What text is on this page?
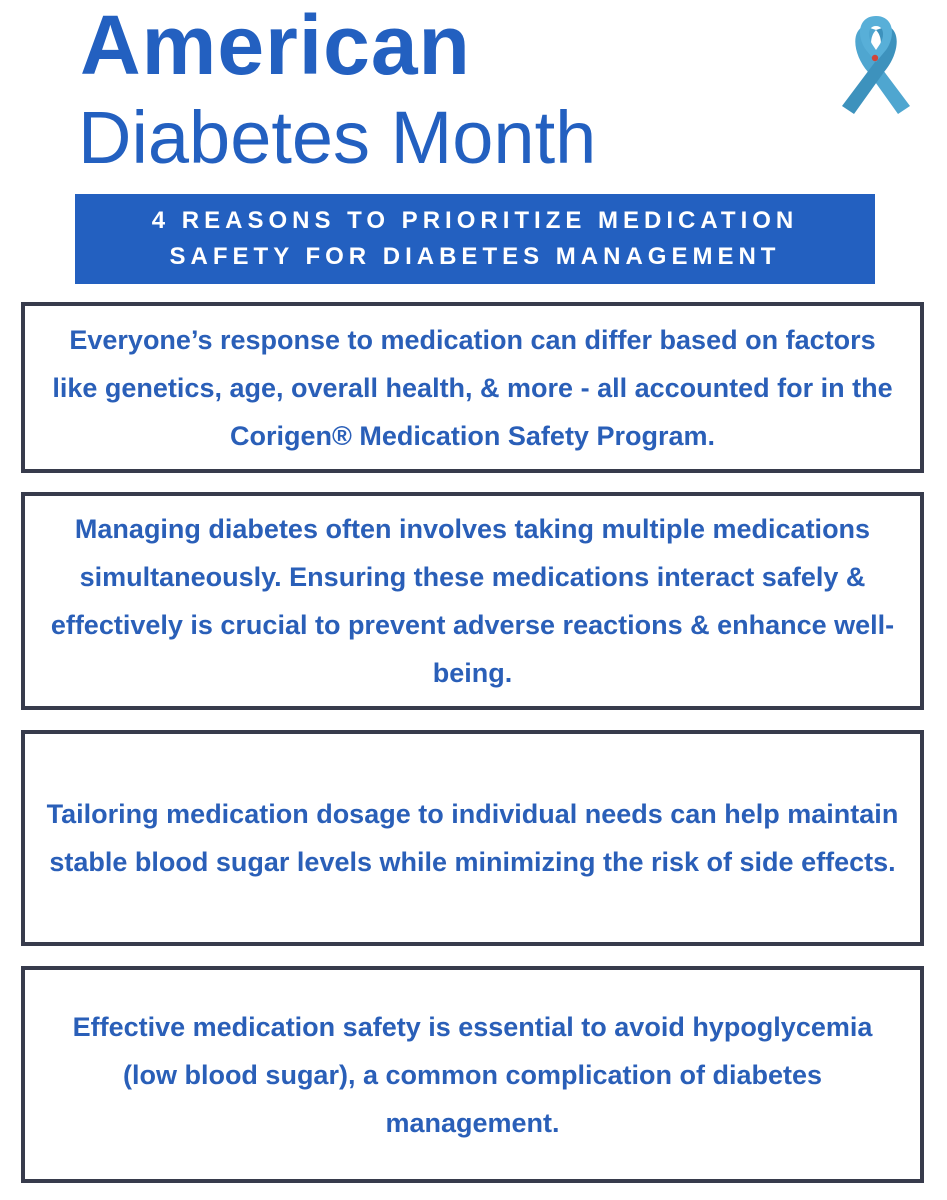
American
Diabetes Month
4 REASONS TO PRIORITIZE MEDICATION
SAFETY FOR DIABETES MANAGEMENT
Everyone’s response to medication can differ based on factors like genetics, age, overall health, & more - all accounted for in the Corigen® Medication Safety Program.
Managing diabetes often involves taking multiple medications simultaneously. Ensuring these medications interact safely & effectively is crucial to prevent adverse reactions & enhance well-being.
Tailoring medication dosage to individual needs can help maintain stable blood sugar levels while minimizing the risk of side effects.
Effective medication safety is essential to avoid hypoglycemia (low blood sugar), a common complication of diabetes management.
